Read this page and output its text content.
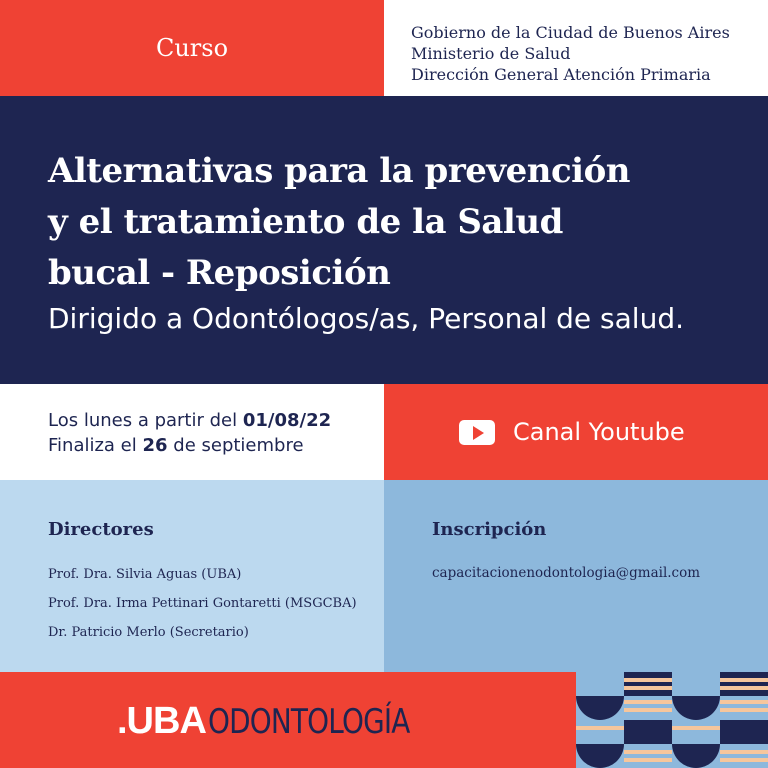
Curso
Gobierno de la Ciudad de Buenos Aires
Ministerio de Salud
Dirección General Atención Primaria
Alternativas para la prevención
y el tratamiento de la Salud
bucal - Reposición
Dirigido a Odontólogos/as, Personal de salud.
Los lunes a partir del 01/08/22
Finaliza el 26 de septiembre	Canal Youtube
Directores
Prof. Dra. Silvia Aguas (UBA)
Prof. Dra. Irma Pettinari Gontaretti (MSGCBA)
Dr. Patricio Merlo (Secretario)
Inscripción
capacitacionenodontologia@gmail.com
.UBAODONTOLOGÍA
